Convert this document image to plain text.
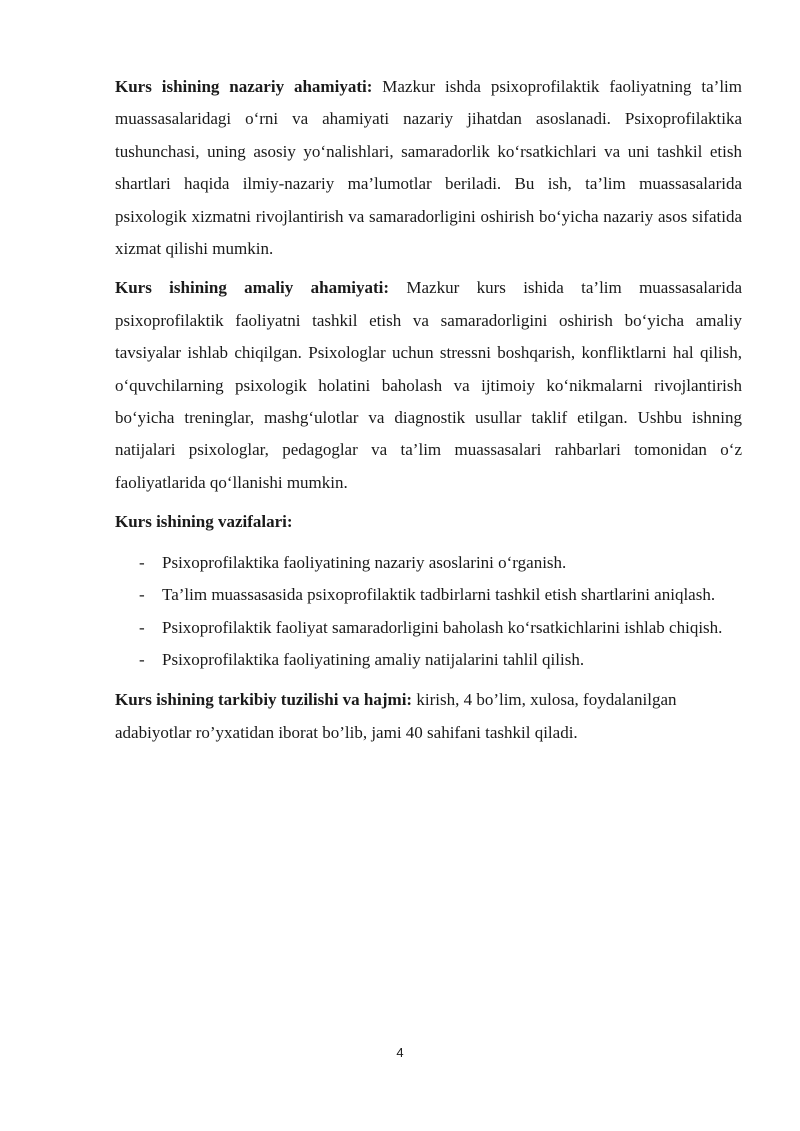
Kurs ishining nazariy ahamiyati: Mazkur ishda psixoprofilaktik faoliyatning ta’lim muassasalaridagi o‘rni va ahamiyati nazariy jihatdan asoslanadi. Psixoprofilaktika tushunchasi, uning asosiy yo‘nalishlari, samaradorlik ko‘rsatkichlari va uni tashkil etish shartlari haqida ilmiy-nazariy ma’lumotlar beriladi. Bu ish, ta’lim muassasalarida psixologik xizmatni rivojlantirish va samaradorligini oshirish bo‘yicha nazariy asos sifatida xizmat qilishi mumkin.

Kurs ishining amaliy ahamiyati: Mazkur kurs ishida ta’lim muassasalarida psixoprofilaktik faoliyatni tashkil etish va samaradorligini oshirish bo‘yicha amaliy tavsiyalar ishlab chiqilgan. Psixologlar uchun stressni boshqarish, konfliktlarni hal qilish, o‘quvchilarning psixologik holatini baholash va ijtimoiy ko‘nikmalarni rivojlantirish bo‘yicha treninglar, mashg‘ulotlar va diagnostik usullar taklif etilgan. Ushbu ishning natijalari psixologlar, pedagoglar va ta’lim muassasalari rahbarlari tomonidan o‘z faoliyatlarida qo‘llanishi mumkin.

Kurs ishining vazifalari:

- Psixoprofilaktika faoliyatining nazariy asoslarini o‘rganish.
- Ta’lim muassasasida psixoprofilaktik tadbirlarni tashkil etish shartlarini aniqlash.
- Psixoprofilaktik faoliyat samaradorligini baholash ko‘rsatkichlarini ishlab chiqish.
- Psixoprofilaktika faoliyatining amaliy natijalarini tahlil qilish.

Kurs ishining tarkibiy tuzilishi va hajmi: kirish, 4 bo’lim, xulosa, foydalanilgan adabiyotlar ro’yxatidan iborat bo’lib, jami 40 sahifani tashkil qiladi.

4
